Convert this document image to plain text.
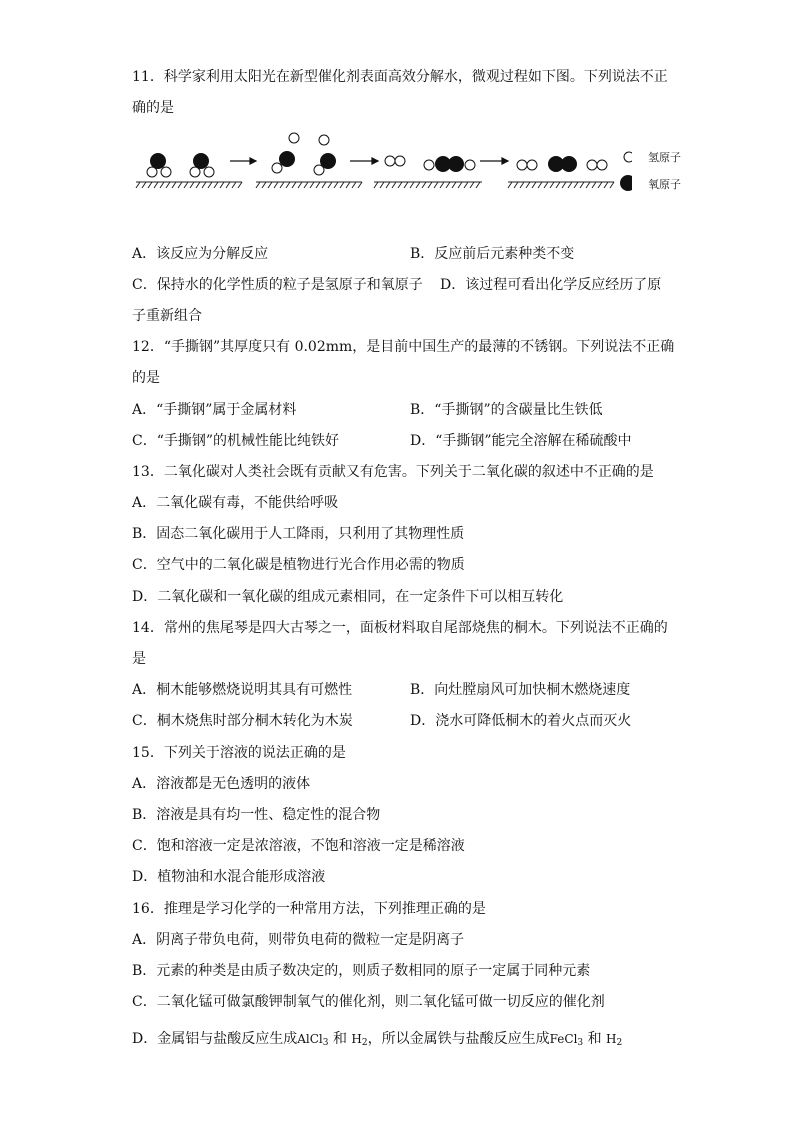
11．科学家利用太阳光在新型催化剂表面高效分解水，微观过程如下图。下列说法不正
确的是
氢原子
氧原子
A．该反应为分解反应	B．反应前后元素种类不变
C．保持水的化学性质的粒子是氢原子和氧原子 D．该过程可看出化学反应经历了原
子重新组合
12．“手撕钢”其厚度只有 0.02mm，是目前中国生产的最薄的不锈钢。下列说法不正确
的是
A．“手撕钢”属于金属材料	B．“手撕钢”的含碳量比生铁低
C．“手撕钢”的机械性能比纯铁好	D．“手撕钢”能完全溶解在稀硫酸中
13．二氧化碳对人类社会既有贡献又有危害。下列关于二氧化碳的叙述中不正确的是
A．二氧化碳有毒，不能供给呼吸
B．固态二氧化碳用于人工降雨，只利用了其物理性质
C．空气中的二氧化碳是植物进行光合作用必需的物质
D．二氧化碳和一氧化碳的组成元素相同，在一定条件下可以相互转化
14．常州的焦尾琴是四大古琴之一，面板材料取自尾部烧焦的桐木。下列说法不正确的
是
A．桐木能够燃烧说明其具有可燃性	B．向灶膛扇风可加快桐木燃烧速度
C．桐木烧焦时部分桐木转化为木炭	D．浇水可降低桐木的着火点而灭火
15．下列关于溶液的说法正确的是
A．溶液都是无色透明的液体
B．溶液是具有均一性、稳定性的混合物
C．饱和溶液一定是浓溶液，不饱和溶液一定是稀溶液
D．植物油和水混合能形成溶液
16．推理是学习化学的一种常用方法，下列推理正确的是
A．阴离子带负电荷，则带负电荷的微粒一定是阴离子
B．元素的种类是由质子数决定的，则质子数相同的原子一定属于同种元素
C．二氧化锰可做氯酸钾制氧气的催化剂，则二氧化锰可做一切反应的催化剂
D．金属铝与盐酸反应生成AlCl$_3$ 和 $H_2$，所以金属铁与盐酸反应生成FeCl$_3$ 和 $H_2$
